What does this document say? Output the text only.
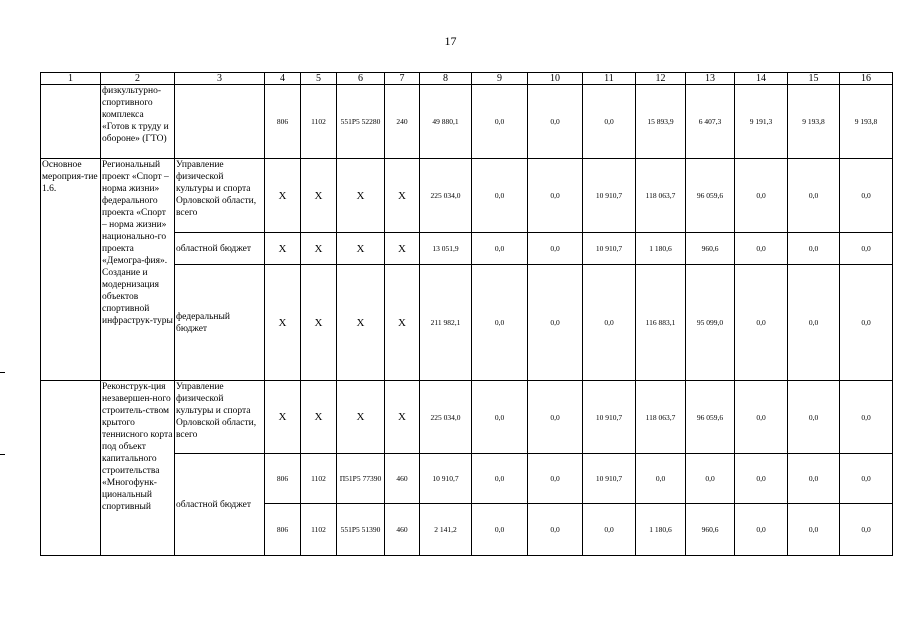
17
1	2	3	4	5	6	7	8	9	10	11	12	13	14	15	16
	физкультурно-спортивного комплекса «Готов к труду и обороне» (ГТО)		806	1102	551P5 52280	240	49 880,1	0,0	0,0	0,0	15 893,9	6 407,3	9 191,3	9 193,8	9 193,8
Основное мероприя-тие 1.6.	Региональный проект «Спорт – норма жизни» федерального проекта «Спорт – норма жизни» национально-го проекта «Демогра-фия». Создание и модернизация объектов спортивной инфраструк-туры	Управление физической культуры и спорта Орловской области, всего	X	X	X	X	225 034,0	0,0	0,0	10 910,7	118 063,7	96 059,6	0,0	0,0	0,0
		областной бюджет	X	X	X	X	13 051,9	0,0	0,0	10 910,7	1 180,6	960,6	0,0	0,0	0,0
		федеральный бюджет	X	X	X	X	211 982,1	0,0	0,0	0,0	116 883,1	95 099,0	0,0	0,0	0,0
	Реконструк-ция незавершен-ного строитель-ством крытого теннисного корта под объект капитального строительства «Многофунк-циональный спортивный	Управление физической культуры и спорта Орловской области, всего	X	X	X	X	225 034,0	0,0	0,0	10 910,7	118 063,7	96 059,6	0,0	0,0	0,0
		областной бюджет	806	1102	П51Р5 77390	460	10 910,7	0,0	0,0	10 910,7	0,0	0,0	0,0	0,0	0,0
			806	1102	551P5 51390	460	2 141,2	0,0	0,0	0,0	1 180,6	960,6	0,0	0,0	0,0
